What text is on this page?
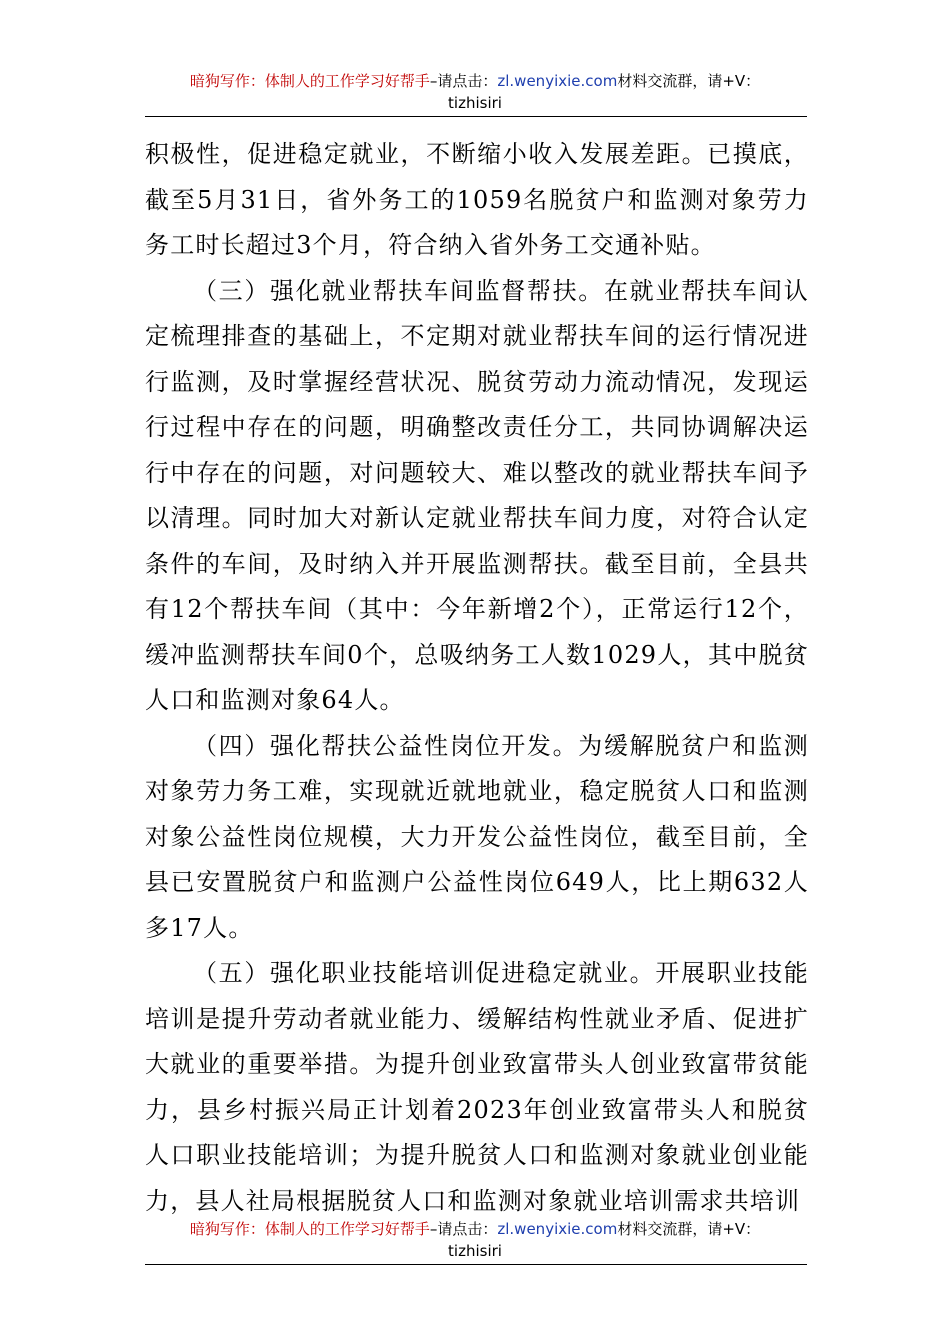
暗狗写作：体制人的工作学习好帮手–请点击：zl.wenyixie.com材料交流群，请+V：
tizhisiri

积极性，促进稳定就业，不断缩小收入发展差距。已摸底，截至5月31日，省外务工的1059名脱贫户和监测对象劳力务工时长超过3个月，符合纳入省外务工交通补贴。

（三）强化就业帮扶车间监督帮扶。在就业帮扶车间认定梳理排查的基础上，不定期对就业帮扶车间的运行情况进行监测，及时掌握经营状况、脱贫劳动力流动情况，发现运行过程中存在的问题，明确整改责任分工，共同协调解决运行中存在的问题，对问题较大、难以整改的就业帮扶车间予以清理。同时加大对新认定就业帮扶车间力度，对符合认定条件的车间，及时纳入并开展监测帮扶。截至目前，全县共有12个帮扶车间（其中：今年新增2个），正常运行12个，缓冲监测帮扶车间0个，总吸纳务工人数1029人，其中脱贫人口和监测对象64人。

（四）强化帮扶公益性岗位开发。为缓解脱贫户和监测对象劳力务工难，实现就近就地就业，稳定脱贫人口和监测对象公益性岗位规模，大力开发公益性岗位，截至目前，全县已安置脱贫户和监测户公益性岗位649人，比上期632人多17人。

（五）强化职业技能培训促进稳定就业。开展职业技能培训是提升劳动者就业能力、缓解结构性就业矛盾、促进扩大就业的重要举措。为提升创业致富带头人创业致富带贫能力，县乡村振兴局正计划着2023年创业致富带头人和脱贫人口职业技能培训；为提升脱贫人口和监测对象就业创业能力，县人社局根据脱贫人口和监测对象就业培训需求共培训

暗狗写作：体制人的工作学习好帮手–请点击：zl.wenyixie.com材料交流群，请+V：
tizhisiri
